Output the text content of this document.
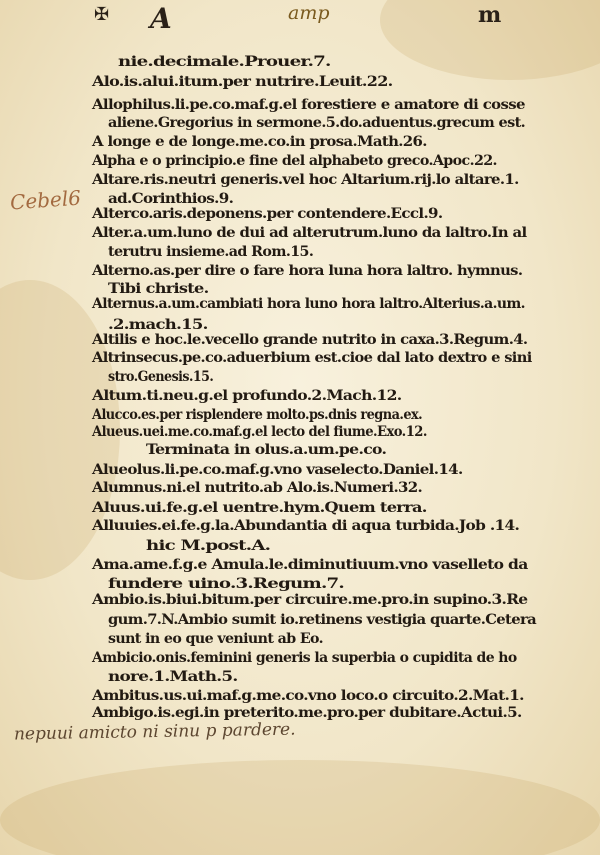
✠ A	amp	m
Cebel6
nie.decimale.Prouer.7.
Alo.is.alui.itum.per nutrire.Leuit.22.
Allophilus.li.pe.co.maf.g.el forestiere e amatore di cosse
aliene.Gregorius in sermone.5.do.aduentus.grecum est.
A longe e de longe.me.co.in prosa.Math.26.
Alpha e o principio.e fine del alphabeto greco.Apoc.22.
Altare.ris.neutri generis.vel hoc Altarium.rij.lo altare.1.
ad.Corinthios.9.
Alterco.aris.deponens.per contendere.Eccl.9.
Alter.a.um.luno de dui ad alterutrum.luno da laltro.In al
terutru insieme.ad Rom.15.
Alterno.as.per dire o fare hora luna hora laltro. hymnus.
Tibi christe.
Alternus.a.um.cambiati hora luno hora laltro.Alterius.a.um.
.2.mach.15.
Altilis e hoc.le.vecello grande nutrito in caxa.3.Regum.4.
Altrinsecus.pe.co.aduerbium est.cioe dal lato dextro e sini
stro.Genesis.15.
Altum.ti.neu.g.el profundo.2.Mach.12.
Alucco.es.per risplendere molto.ps.dnis regna.ex.
Alueus.uei.me.co.maf.g.el lecto del fiume.Exo.12.
Terminata in olus.a.um.pe.co.
Alueolus.li.pe.co.maf.g.vno vaselecto.Daniel.14.
Alumnus.ni.el nutrito.ab Alo.is.Numeri.32.
Aluus.ui.fe.g.el uentre.hym.Quem terra.
Alluuies.ei.fe.g.la.Abundantia di aqua turbida.Job .14.
hic M.post.A.
Ama.ame.f.g.e Amula.le.diminutiuum.vno vaselleto da
fundere uino.3.Regum.7.
Ambio.is.biui.bitum.per circuire.me.pro.in supino.3.Re
gum.7.N.Ambio sumit io.retinens vestigia quarte.Cetera
sunt in eo que veniunt ab Eo.
Ambicio.onis.feminini generis la superbia o cupidita de ho
nore.1.Math.5.
Ambitus.us.ui.maf.g.me.co.vno loco.o circuito.2.Mat.1.
Ambigo.is.egi.in preterito.me.pro.per dubitare.Actui.5.
nepuui amicto ni sinu p pardere.
